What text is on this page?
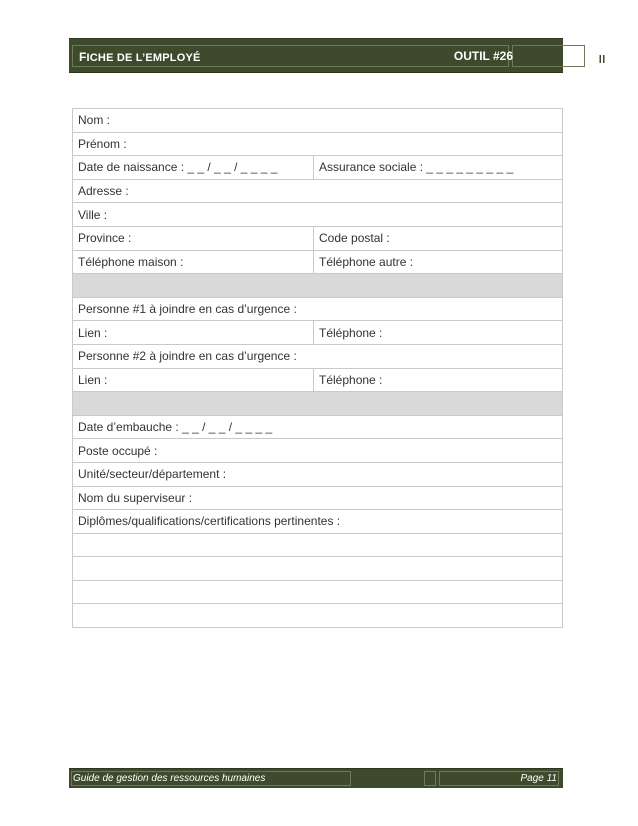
FICHE DE L’EMPLOYÉ	OUTIL #26
Nom :	
Prénom :	
Date de naissance : _ _ / _ _ / _ _ _ _	Assurance sociale : _ _ _ _ _ _ _ _ _
Adresse :	
Ville :	
Province :	Code postal :
Téléphone maison :	Téléphone autre :

Personne #1 à joindre en cas d’urgence :	
Lien :	Téléphone :
Personne #2 à joindre en cas d’urgence :	
Lien :	Téléphone :

Date d’embauche : _ _ / _ _ / _ _ _ _	
Poste occupé :	
Unité/secteur/département :	
Nom du superviseur :	
Diplômes/qualifications/certifications pertinentes :	

Guide de gestion des ressources humaines	Page 11
